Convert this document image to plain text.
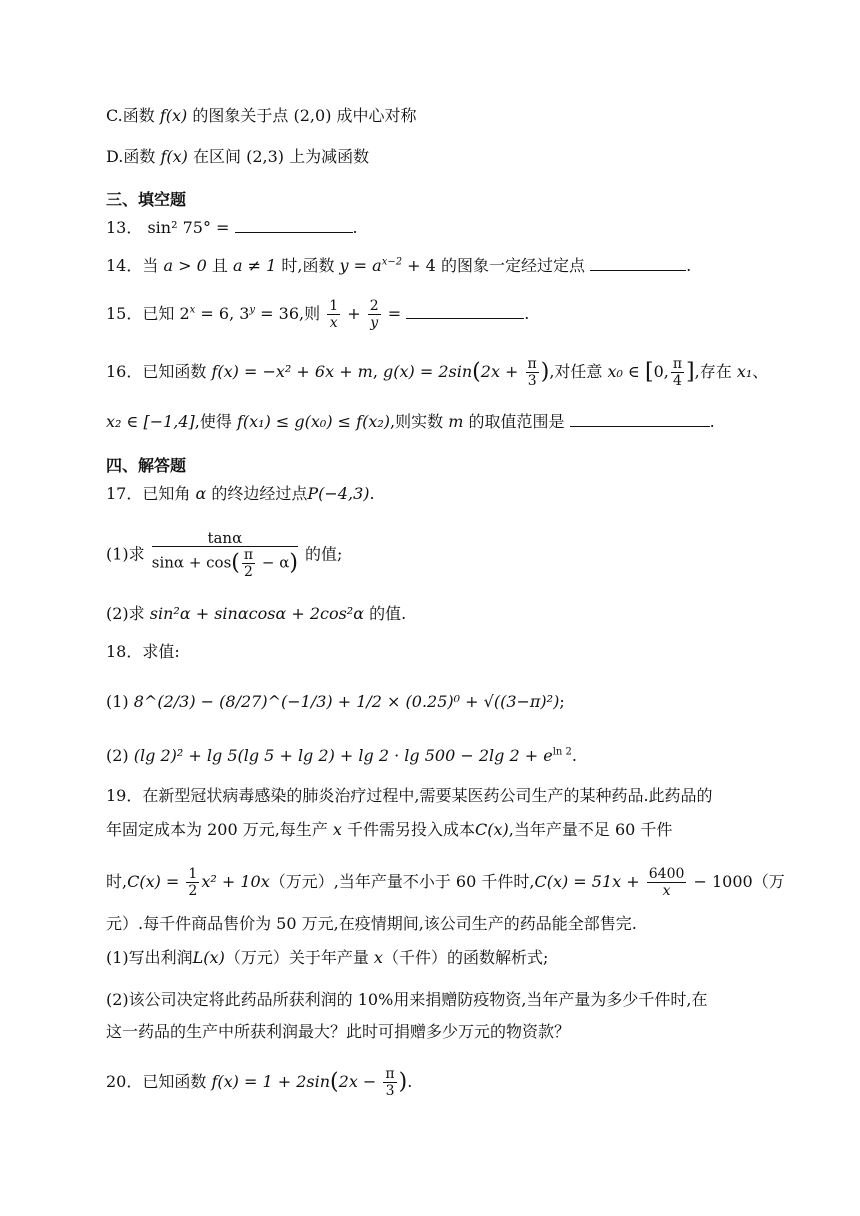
C.函数 f(x) 的图象关于点 (2,0) 成中心对称
D.函数 f(x) 在区间 (2,3) 上为减函数
三、填空题
13． sin² 75° =	.
14．当 a > 0 且 a ≠ 1 时,函数 $y = a^{x-2} + 4$ 的图象一定经过定点	.
15．已知 $2^x = 6$, $3^y = 36$,则 $\frac{1}{x} + \frac{2}{y}$ =	.
16．已知函数 f(x) = −x² + 6x + m, $g(x) = 2\sin(2x + \frac{\pi}{3}$ ),对任意 x₀ ∈ [0, $\frac{\pi}{4}$ ],存在 x₁、
x₂ ∈ [−1,4],使得 f(x₁) ≤ g(x₀) ≤ f(x₂),则实数 m 的取值范围是	.
四、解答题
17．已知角 α 的终边经过点P(−4,3).
(1)求 $\frac{\tan\alpha}{\sin\alpha + \cos( \frac{\pi}{2} - \alpha)}$ 的值;
(2)求 sin²α + sinαcosα + 2cos²α 的值.
18．求值:
(1) 8^(2/3) − (8/27)^(−1/3) + 1/2 × (0.25)⁰ + √((3−π)²);
(2) (lg 2)² + lg 5(lg 5 + lg 2) + lg 2 · lg 500 − 2lg $2 + e^{ln 2}$.
19．在新型冠状病毒感染的肺炎治疗过程中,需要某医药公司生产的某种药品.此药品的
年固定成本为 200 万元,每生产 x 千件需另投入成本C(x),当年产量不足 60 千件
时$,C(x) = \frac{1}{2} x^2 + 10x$（万元）,当年产量不小于 60 千件时$,C(x) = 51x + \frac{6400}{x} - 1000$（万
元）.每千件商品售价为 50 万元,在疫情期间,该公司生产的药品能全部售完.
(1)写出利润L(x)（万元）关于年产量 x（千件）的函数解析式;
(2)该公司决定将此药品所获利润的 10%用来捐赠防疫物资,当年产量为多少千件时,在
这一药品的生产中所获利润最大？此时可捐赠多少万元的物资款？
20．已知函数 $f(x) = 1 + 2\sin(2x - \frac{\pi}{3}$ ).
